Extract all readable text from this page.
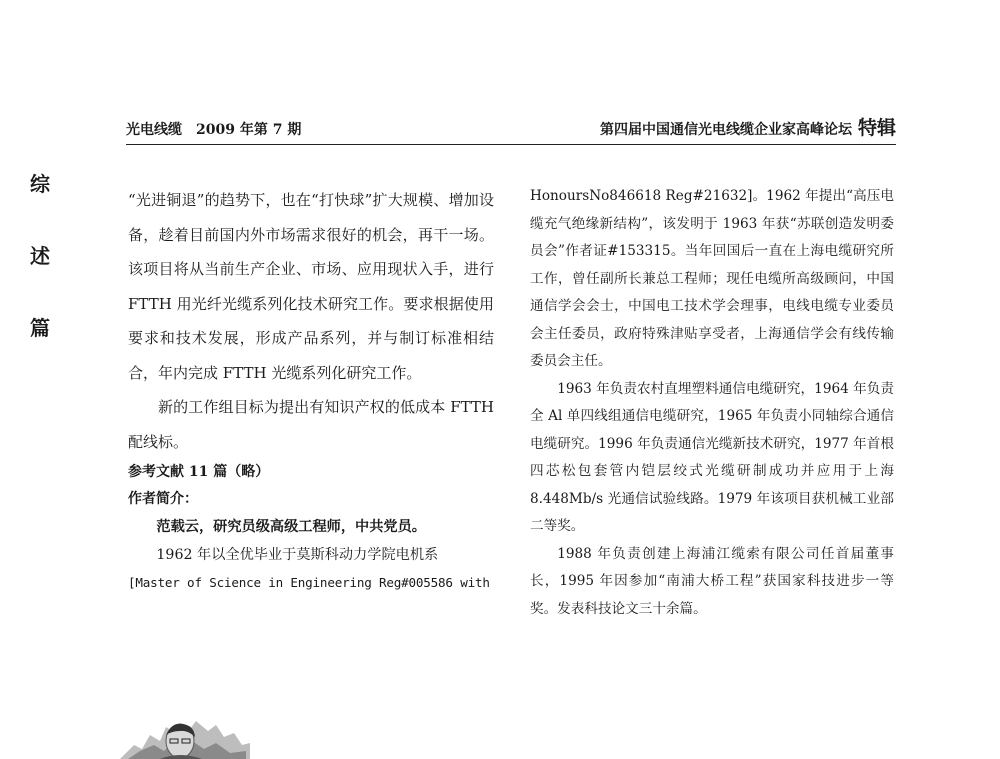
光电线缆　2009 年第 7 期	第四届中国通信光电线缆企业家高峰论坛 特辑
综
述
篇

“光进铜退”的趋势下，也在“打快球”扩大规模、增加设备，趁着目前国内外市场需求很好的机会，再干一场。该项目将从当前生产企业、市场、应用现状入手，进行 FTTH 用光纤光缆系列化技术研究工作。要求根据使用要求和技术发展，形成产品系列，并与制订标准相结合，年内完成 FTTH 光缆系列化研究工作。

新的工作组目标为提出有知识产权的低成本 FTTH 配线标。

参考文献 11 篇（略）

作者简介：

范载云，研究员级高级工程师，中共党员。

1962 年以全优毕业于莫斯科动力学院电机系

[Master of Science in Engineering Reg#005586 with

HonoursNo846618 Reg#21632]。1962 年提出“高压电缆充气绝缘新结构”，该发明于 1963 年获“苏联创造发明委员会”作者证#153315。当年回国后一直在上海电缆研究所工作，曾任副所长兼总工程师；现任电缆所高级顾问，中国通信学会会士，中国电工技术学会理事，电线电缆专业委员会主任委员，政府特殊津贴享受者，上海通信学会有线传输委员会主任。

1963 年负责农村直埋塑料通信电缆研究，1964 年负责全 Al 单四线组通信电缆研究，1965 年负责小同轴综合通信电缆研究。1996 年负责通信光缆新技术研究，1977 年首根四芯松包套管内铠层绞式光缆研制成功并应用于上海 8.448Mb/s 光通信试验线路。1979 年该项目获机械工业部二等奖。

1988 年负责创建上海浦江缆索有限公司任首届董事长，1995 年因参加“南浦大桥工程”获国家科技进步一等奖。发表科技论文三十余篇。
